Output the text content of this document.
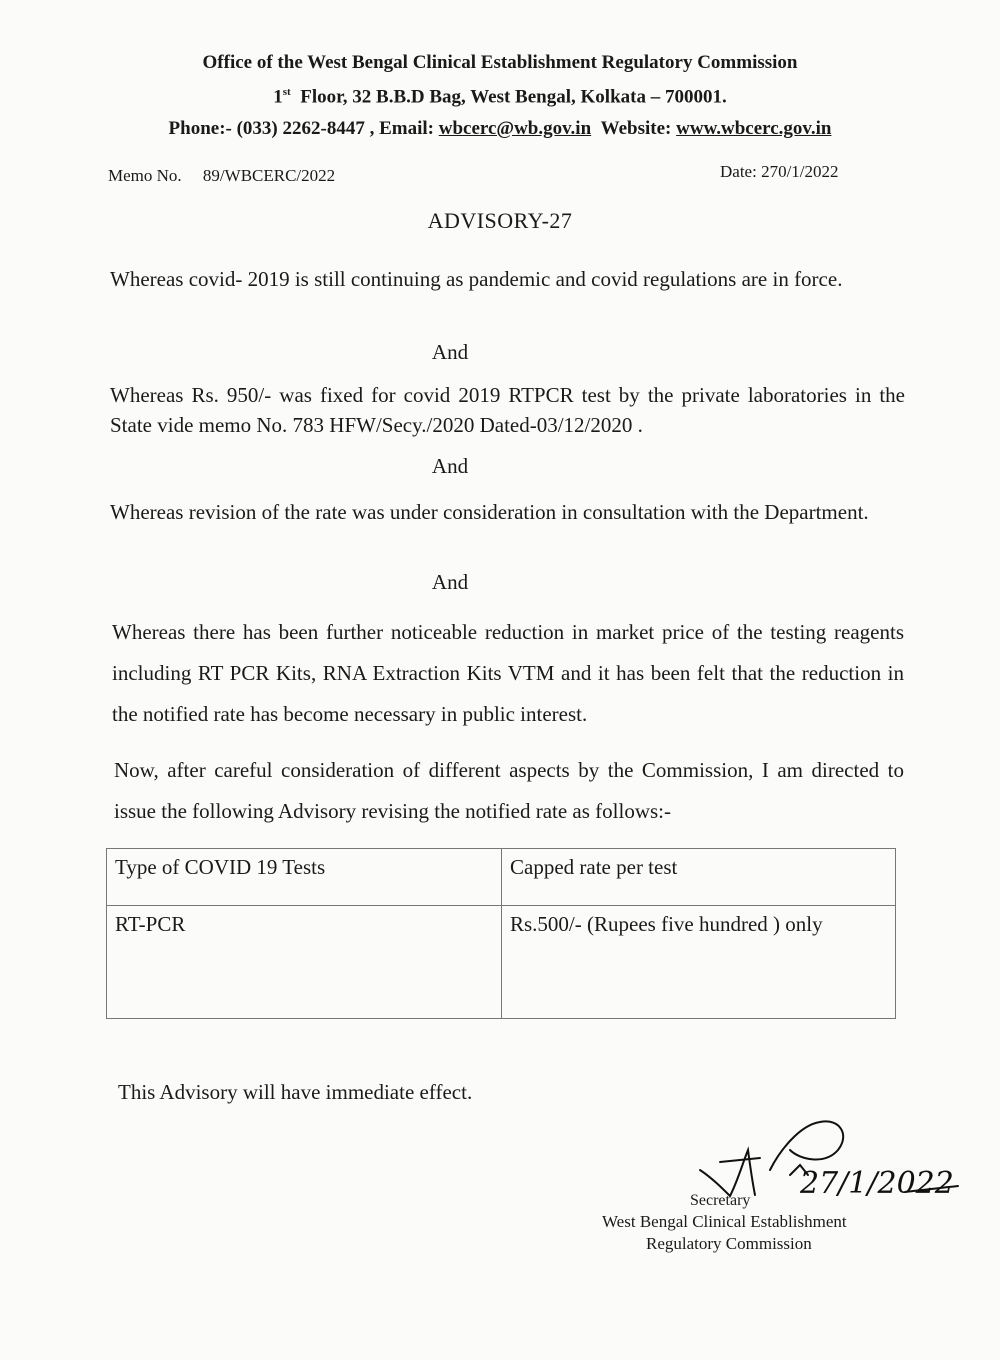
Office of the West Bengal Clinical Establishment Regulatory Commission
1st Floor, 32 B.B.D Bag, West Bengal, Kolkata – 700001.
Phone:- (033) 2262-8447 , Email: wbcerc@wb.gov.in Website: www.wbcerc.gov.in
Memo No. 89/WBCERC/2022	Date: 270/1/2022
ADVISORY-27
Whereas covid- 2019 is still continuing as pandemic and covid regulations are in force.
And
Whereas Rs. 950/- was fixed for covid 2019 RTPCR test by the private laboratories in the State vide memo No. 783 HFW/Secy./2020 Dated-03/12/2020 .
And
Whereas revision of the rate was under consideration in consultation with the Department.
And
Whereas there has been further noticeable reduction in market price of the testing reagents including RT PCR Kits, RNA Extraction Kits VTM and it has been felt that the reduction in the notified rate has become necessary in public interest.
Now, after careful consideration of different aspects by the Commission, I am directed to issue the following Advisory revising the notified rate as follows:-
Type of COVID 19 Tests	Capped rate per test
RT-PCR	Rs.500/- (Rupees five hundred ) only
This Advisory will have immediate effect.
27/1/2022
Secretary
West Bengal Clinical Establishment
Regulatory Commission
